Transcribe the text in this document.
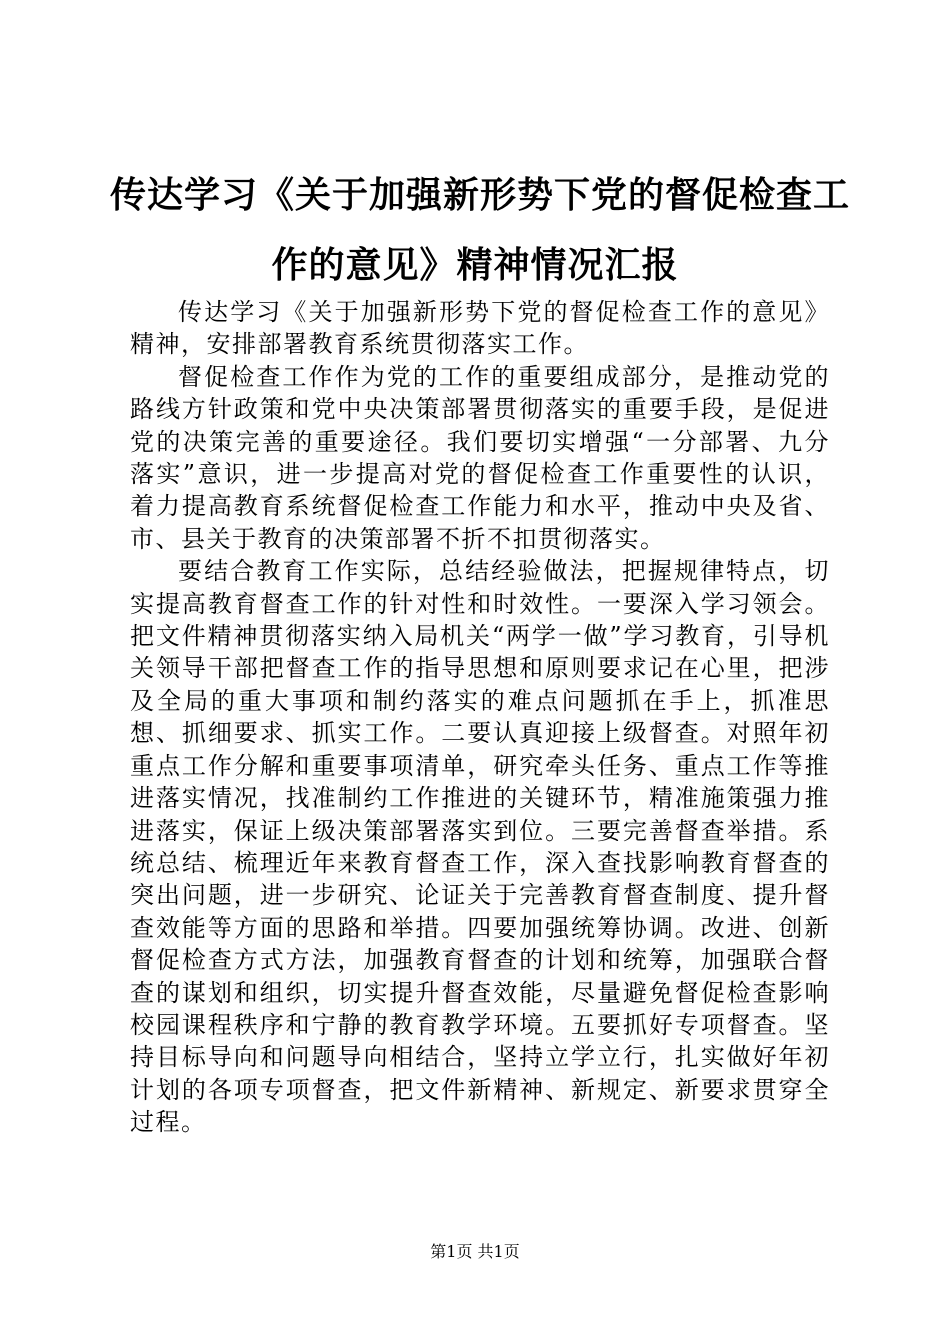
传达学习《关于加强新形势下党的督促检查工
作的意见》精神情况汇报

传达学习《关于加强新形势下党的督促检查工作的意见》精神，安排部署教育系统贯彻落实工作。

督促检查工作作为党的工作的重要组成部分，是推动党的路线方针政策和党中央决策部署贯彻落实的重要手段，是促进党的决策完善的重要途径。我们要切实增强“一分部署、九分落实”意识，进一步提高对党的督促检查工作重要性的认识，着力提高教育系统督促检查工作能力和水平，推动中央及省、市、县关于教育的决策部署不折不扣贯彻落实。

要结合教育工作实际，总结经验做法，把握规律特点，切实提高教育督查工作的针对性和时效性。一要深入学习领会。把文件精神贯彻落实纳入局机关“两学一做”学习教育，引导机关领导干部把督查工作的指导思想和原则要求记在心里，把涉及全局的重大事项和制约落实的难点问题抓在手上，抓准思想、抓细要求、抓实工作。二要认真迎接上级督查。对照年初重点工作分解和重要事项清单，研究牵头任务、重点工作等推进落实情况，找准制约工作推进的关键环节，精准施策强力推进落实，保证上级决策部署落实到位。三要完善督查举措。系统总结、梳理近年来教育督查工作，深入查找影响教育督查的突出问题，进一步研究、论证关于完善教育督查制度、提升督查效能等方面的思路和举措。四要加强统筹协调。改进、创新督促检查方式方法，加强教育督查的计划和统筹，加强联合督查的谋划和组织，切实提升督查效能，尽量避免督促检查影响校园课程秩序和宁静的教育教学环境。五要抓好专项督查。坚持目标导向和问题导向相结合，坚持立学立行，扎实做好年初计划的各项专项督查，把文件新精神、新规定、新要求贯穿全过程。

第1页 共1页
